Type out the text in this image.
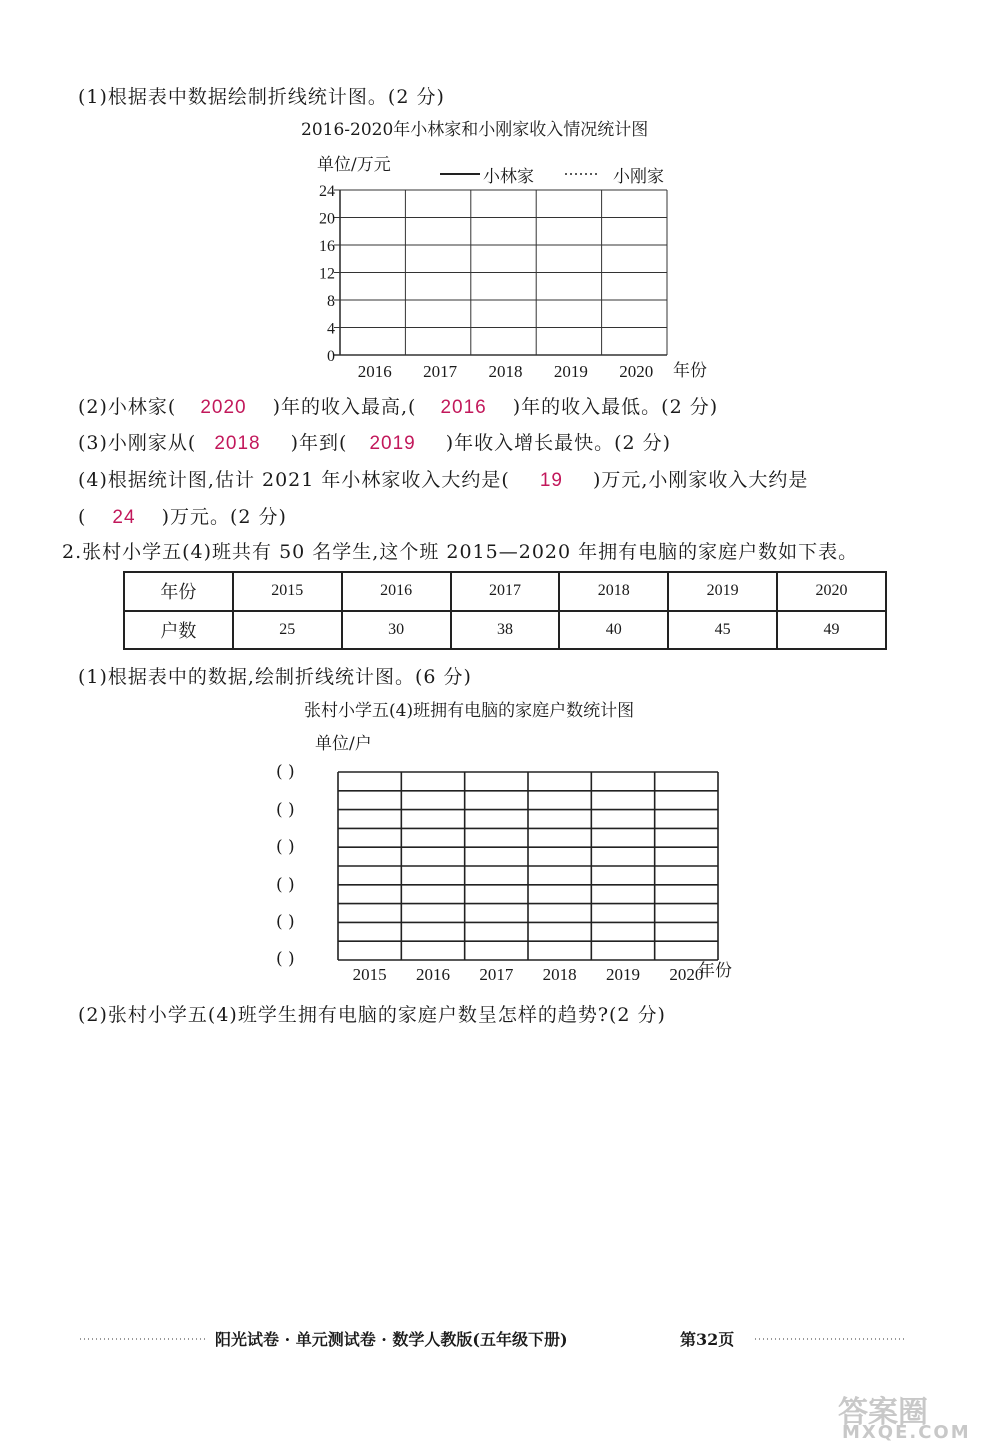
(1)根据表中数据绘制折线统计图。(2 分)
2016-2020年小林家和小刚家收入情况统计图
单位/万元
小林家	小刚家
0
4
8
12
16
20
24
2016 2017 2018 2019 2020 年份
(2)小林家( 2020 )年的收入最高,( 2016 )年的收入最低。(2 分)
(3)小刚家从( 2018 )年到( 2019 )年收入增长最快。(2 分)
(4)根据统计图,估计 2021 年小林家收入大约是( 19 )万元,小刚家收入大约是
( 24 )万元。(2 分)
2.张村小学五(4)班共有 50 名学生,这个班 2015—2020 年拥有电脑的家庭户数如下表。
年份	2015	2016	2017	2018	2019	2020
户数	25	30	38	40	45	49
(1)根据表中的数据,绘制折线统计图。(6 分)
张村小学五(4)班拥有电脑的家庭户数统计图
单位/户
( )
( )
( )
( )
( )
( )
2015 2016 2017 2018 2019 2020
年份
(2)张村小学五(4)班学生拥有电脑的家庭户数呈怎样的趋势?(2 分)
阳光试卷 · 单元测试卷 · 数学人教版(五年级下册)	第32页
答案圈
MXQE.COM
